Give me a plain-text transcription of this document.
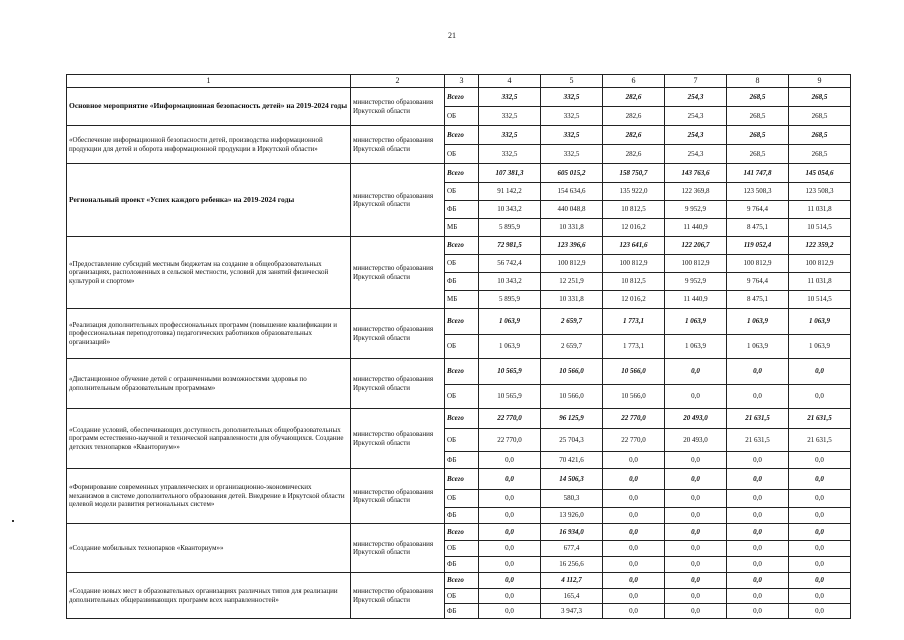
21
1	2	3	4	5	6	7	8	9
Основное мероприятие «Информационная безопасность детей» на 2019-2024 годы	министерство образования Иркутской области	Всего	332,5	332,5	282,6	254,3	268,5	268,5
		ОБ	332,5	332,5	282,6	254,3	268,5	268,5
«Обеспечение информационной безопасности детей, производства информационной продукции для детей и оборота информационной продукции в Иркутской области»	министерство образования Иркутской области	Всего	332,5	332,5	282,6	254,3	268,5	268,5
		ОБ	332,5	332,5	282,6	254,3	268,5	268,5
Региональный проект «Успех каждого ребенка» на 2019-2024 годы	министерство образования Иркутской области	Всего	107 381,3	605 015,2	158 750,7	143 763,6	141 747,8	145 054,6
		ОБ	91 142,2	154 634,6	135 922,0	122 369,8	123 508,3	123 508,3
		ФБ	10 343,2	440 048,8	10 812,5	9 952,9	9 764,4	11 031,8
		МБ	5 895,9	10 331,8	12 016,2	11 440,9	8 475,1	10 514,5
«Предоставление субсидий местным бюджетам на создание в общеобразовательных организациях, расположенных в сельской местности, условий для занятий физической культурой и спортом»	министерство образования Иркутской области	Всего	72 981,5	123 396,6	123 641,6	122 206,7	119 052,4	122 359,2
		ОБ	56 742,4	100 812,9	100 812,9	100 812,9	100 812,9	100 812,9
		ФБ	10 343,2	12 251,9	10 812,5	9 952,9	9 764,4	11 031,8
		МБ	5 895,9	10 331,8	12 016,2	11 440,9	8 475,1	10 514,5
«Реализация дополнительных профессиональных программ (повышение квалификации и профессиональная переподготовка) педагогических работников образовательных организаций»	министерство образования Иркутской области	Всего	1 063,9	2 659,7	1 773,1	1 063,9	1 063,9	1 063,9
		ОБ	1 063,9	2 659,7	1 773,1	1 063,9	1 063,9	1 063,9
«Дистанционное обучение детей с ограниченными возможностями здоровья по дополнительным образовательным программам»	министерство образования Иркутской области	Всего	10 565,9	10 566,0	10 566,0	0,0	0,0	0,0
		ОБ	10 565,9	10 566,0	10 566,0	0,0	0,0	0,0
«Создание условий, обеспечивающих доступность дополнительных общеобразовательных программ естественно-научной и технической направленности для обучающихся. Создание детских технопарков «Кванториум»»	министерство образования Иркутской области	Всего	22 770,0	96 125,9	22 770,0	20 493,0	21 631,5	21 631,5
		ОБ	22 770,0	25 704,3	22 770,0	20 493,0	21 631,5	21 631,5
		ФБ	0,0	70 421,6	0,0	0,0	0,0	0,0
«Формирование современных управленческих и организационно-экономических механизмов в системе дополнительного образования детей. Внедрение в Иркутской области целевой модели развития региональных систем»	министерство образования Иркутской области	Всего	0,0	14 506,3	0,0	0,0	0,0	0,0
		ОБ	0,0	580,3	0,0	0,0	0,0	0,0
		ФБ	0,0	13 926,0	0,0	0,0	0,0	0,0
«Создание мобильных технопарков «Кванториум»»	министерство образования Иркутской области	Всего	0,0	16 934,0	0,0	0,0	0,0	0,0
		ОБ	0,0	677,4	0,0	0,0	0,0	0,0
		ФБ	0,0	16 256,6	0,0	0,0	0,0	0,0
«Создание новых мест в образовательных организациях различных типов для реализации дополнительных общеразвивающих программ всех направленностей»	министерство образования Иркутской области	Всего	0,0	4 112,7	0,0	0,0	0,0	0,0
		ОБ	0,0	165,4	0,0	0,0	0,0	0,0
		ФБ	0,0	3 947,3	0,0	0,0	0,0	0,0
